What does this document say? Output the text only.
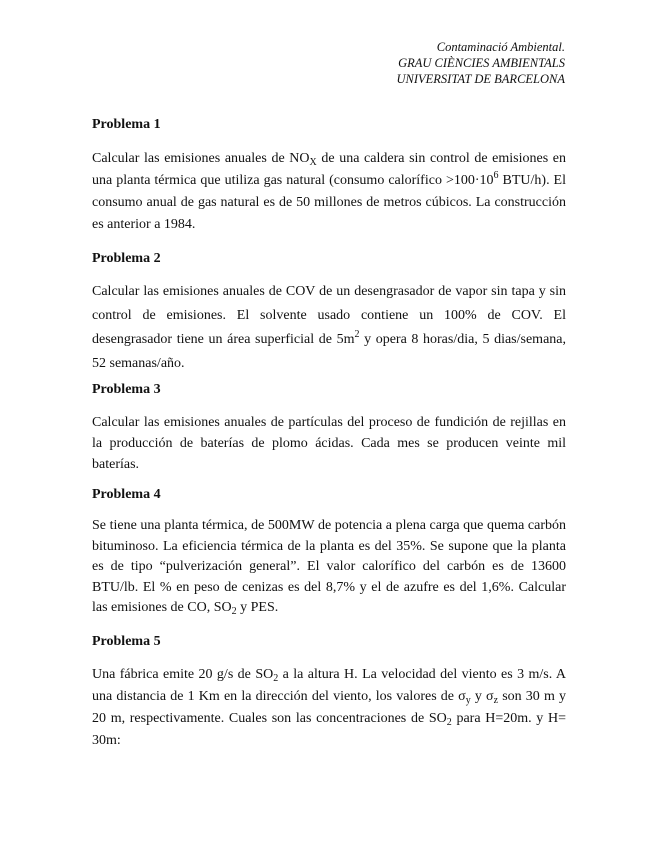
Contaminació Ambiental.
GRAU CIÈNCIES AMBIENTALS
UNIVERSITAT DE BARCELONA
Problema 1
Calcular las emisiones anuales de $NO_X$ de una caldera sin control de emisiones en una planta térmica que utiliza gas natural (consumo calorífico $>100\cdot 10^6$ BTU/h). El consumo anual de gas natural es de 50 millones de metros cúbicos. La construcción es anterior a 1984.
Problema 2
Calcular las emisiones anuales de COV de un desengrasador de vapor sin tapa y sin control de emisiones. El solvente usado contiene un 100% de COV. El desengrasador tiene un área superficial de $5m^2$ y opera 8 horas/dia, 5 dias/semana, 52 semanas/año.
Problema 3
Calcular las emisiones anuales de partículas del proceso de fundición de rejillas en la producción de baterías de plomo ácidas. Cada mes se producen veinte mil baterías.
Problema 4
Se tiene una planta térmica, de 500MW de potencia a plena carga que quema carbón bituminoso. La eficiencia térmica de la planta es del 35%. Se supone que la planta es de tipo “pulverización general”. El valor calorífico del carbón es de 13600 BTU/lb. El % en peso de cenizas es del 8,7% y el de azufre es del 1,6%. Calcular las emisiones de CO, $SO_2$ y PES.
Problema 5
Una fábrica emite 20 g/s de $SO_2$ a la altura H. La velocidad del viento es 3 m/s. A una distancia de 1 Km en la dirección del viento, los valores de $\sigma_y$ y $\sigma_z$ son 30 m y 20 m, respectivamente. Cuales son las concentraciones de $SO_2$ para H=20m. y H= 30m:
